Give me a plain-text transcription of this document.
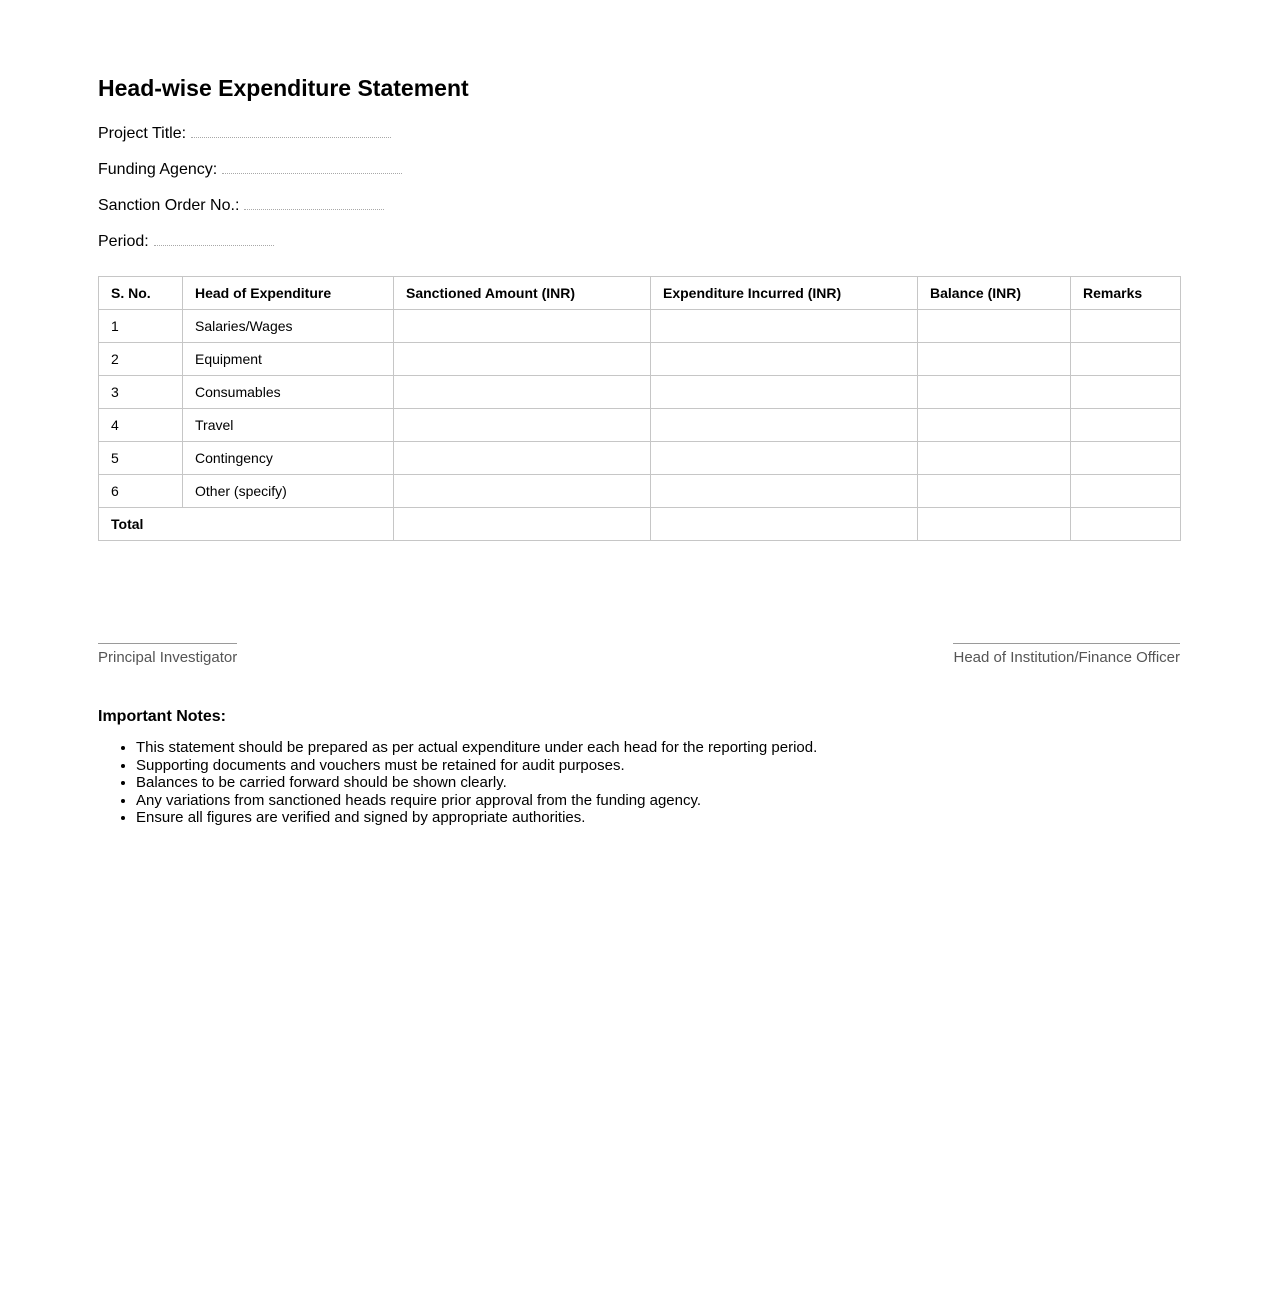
Head-wise Expenditure Statement
Project Title:
Funding Agency:
Sanction Order No.:
Period:
S. No.	Head of Expenditure	Sanctioned Amount (INR)	Expenditure Incurred (INR)	Balance (INR)	Remarks
1	Salaries/Wages				
2	Equipment				
3	Consumables				
4	Travel				
5	Contingency				
6	Other (specify)				
Total					
Principal Investigator	Head of Institution/Finance Officer

Important Notes:

• This statement should be prepared as per actual expenditure under each head for the reporting period.
• Supporting documents and vouchers must be retained for audit purposes.
• Balances to be carried forward should be shown clearly.
• Any variations from sanctioned heads require prior approval from the funding agency.
• Ensure all figures are verified and signed by appropriate authorities.
